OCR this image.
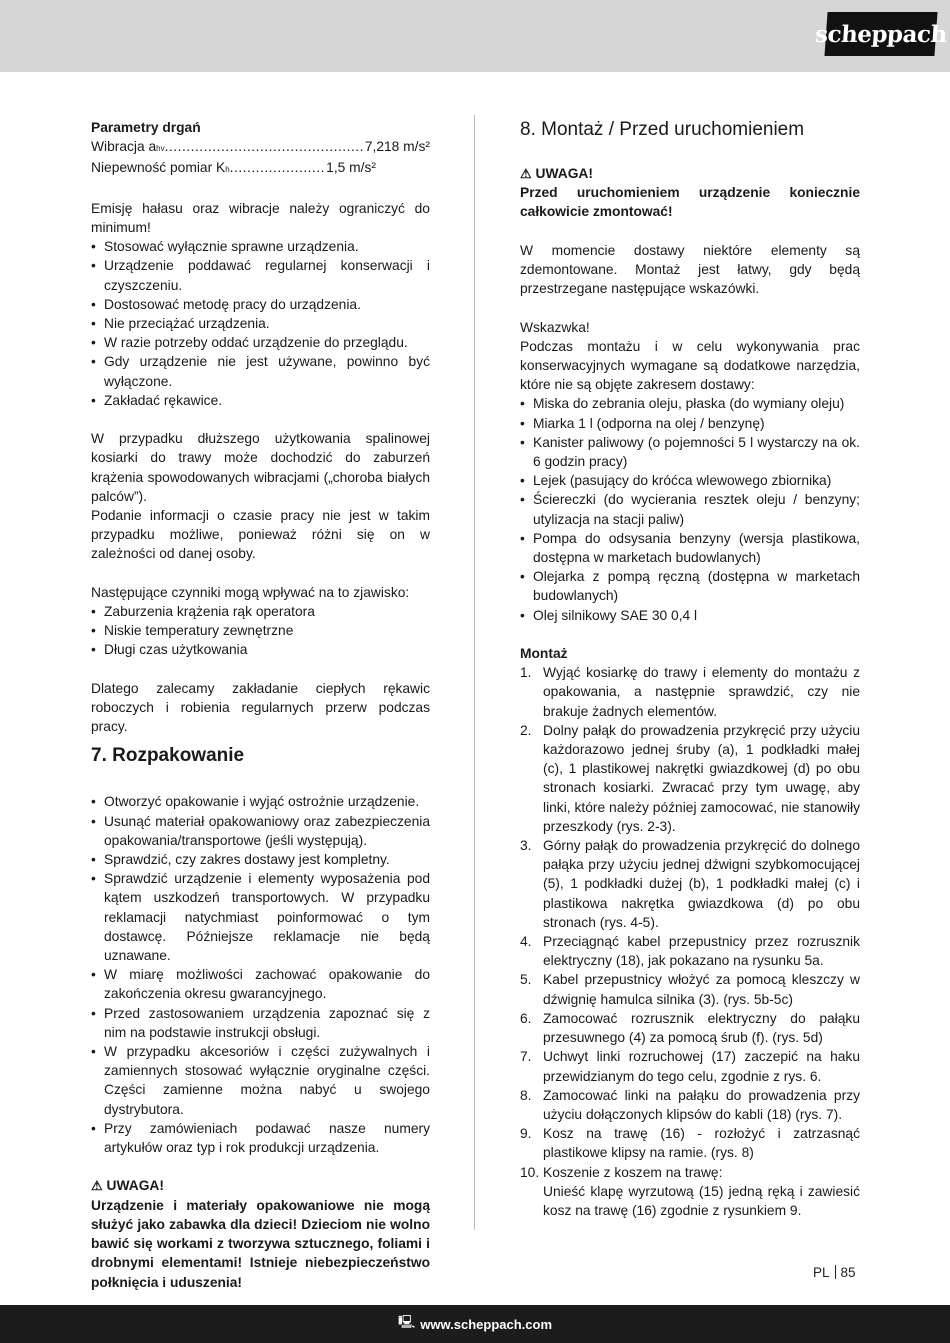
scheppach

Parametry drgań

Wibracja a hv .....	7,218 m/s²
Niepewność pomiar K h .....	1,5 m/s²

Emisję hałasu oraz wibracje należy ograniczyć do minimum!

• Stosować wyłącznie sprawne urządzenia.
• Urządzenie poddawać regularnej konserwacji i czyszczeniu.
• Dostosować metodę pracy do urządzenia.
• Nie przeciążać urządzenia.
• W razie potrzeby oddać urządzenie do przeglądu.
• Gdy urządzenie nie jest używane, powinno być wyłączone.
• Zakładać rękawice.

W przypadku dłuższego użytkowania spalinowej kosiarki do trawy może dochodzić do zaburzeń krążenia spowodowanych wibracjami („choroba białych palców”).

Podanie informacji o czasie pracy nie jest w takim przypadku możliwe, ponieważ różni się on w zależności od danej osoby.

Następujące czynniki mogą wpływać na to zjawisko:

• Zaburzenia krążenia rąk operatora
• Niskie temperatury zewnętrzne
• Długi czas użytkowania

Dlatego zalecamy zakładanie ciepłych rękawic roboczych i robienia regularnych przerw podczas pracy.

7. Rozpakowanie
• Otworzyć opakowanie i wyjąć ostrożnie urządzenie.
• Usunąć materiał opakowaniowy oraz zabezpieczenia opakowania/transportowe (jeśli występują).
• Sprawdzić, czy zakres dostawy jest kompletny.
• Sprawdzić urządzenie i elementy wyposażenia pod kątem uszkodzeń transportowych. W przypadku reklamacji natychmiast poinformować o tym dostawcę. Późniejsze reklamacje nie będą uznawane.
• W miarę możliwości zachować opakowanie do zakończenia okresu gwarancyjnego.
• Przed zastosowaniem urządzenia zapoznać się z nim na podstawie instrukcji obsługi.
• W przypadku akcesoriów i części zużywalnych i zamiennych stosować wyłącznie oryginalne części. Części zamienne można nabyć u swojego dystrybutora.
• Przy zamówieniach podawać nasze numery artykułów oraz typ i rok produkcji urządzenia.

⚠ UWAGA!

Urządzenie i materiały opakowaniowe nie mogą służyć jako zabawka dla dzieci! Dzieciom nie wolno bawić się workami z tworzywa sztucznego, foliami i drobnymi elementami! Istnieje niebezpieczeństwo połknięcia i uduszenia!

8. Montaż / Przed uruchomieniem

⚠ UWAGA!

Przed uruchomieniem urządzenie koniecznie całkowicie zmontować!

W momencie dostawy niektóre elementy są zdemontowane. Montaż jest łatwy, gdy będą przestrzegane następujące wskazówki.

Wskazwka!

Podczas montażu i w celu wykonywania prac konserwacyjnych wymagane są dodatkowe narzędzia, które nie są objęte zakresem dostawy:

• Miska do zebrania oleju, płaska (do wymiany oleju)
• Miarka 1 l (odporna na olej / benzynę)
• Kanister paliwowy (o pojemności 5 l wystarczy na ok. 6 godzin pracy)
• Lejek (pasujący do króćca wlewowego zbiornika)
• Ściereczki (do wycierania resztek oleju / benzyny; utylizacja na stacji paliw)
• Pompa do odsysania benzyny (wersja plastikowa, dostępna w marketach budowlanych)
• Olejarka z pompą ręczną (dostępna w marketach budowlanych)
• Olej silnikowy SAE 30 0,4 l

Montaż

1. Wyjąć kosiarkę do trawy i elementy do montażu z opakowania, a następnie sprawdzić, czy nie brakuje żadnych elementów.
2. Dolny pałąk do prowadzenia przykręcić przy użyciu każdorazowo jednej śruby (a), 1 podkładki małej (c), 1 plastikowej nakrętki gwiazdkowej (d) po obu stronach kosiarki. Zwracać przy tym uwagę, aby linki, które należy później zamocować, nie stanowiły przeszkody (rys. 2-3).
3. Górny pałąk do prowadzenia przykręcić do dolnego pałąka przy użyciu jednej dźwigni szybkomocującej (5), 1 podkładki dużej (b), 1 podkładki małej (c) i plastikowa nakrętka gwiazdkowa (d) po obu stronach (rys. 4-5).
4. Przeciągnąć kabel przepustnicy przez rozrusznik elektryczny (18), jak pokazano na rysunku 5a.
5. Kabel przepustnicy włożyć za pomocą kleszczy w dźwignię hamulca silnika (3). (rys. 5b-5c)
6. Zamocować rozrusznik elektryczny do pałąku przesuwnego (4) za pomocą śrub (f). (rys. 5d)
7. Uchwyt linki rozruchowej (17) zaczepić na haku przewidzianym do tego celu, zgodnie z rys. 6.
8. Zamocować linki na pałąku do prowadzenia przy użyciu dołączonych klipsów do kabli (18) (rys. 7).
9. Kosz na trawę (16) - rozłożyć i zatrzasnąć plastikowe klipsy na ramie. (rys. 8)
10. Koszenie z koszem na trawę:
Unieść klapę wyrzutową (15) jedną ręką i zawiesić kosz na trawę (16) zgodnie z rysunkiem 9.
PL 85
🖳 www.scheppach.com
